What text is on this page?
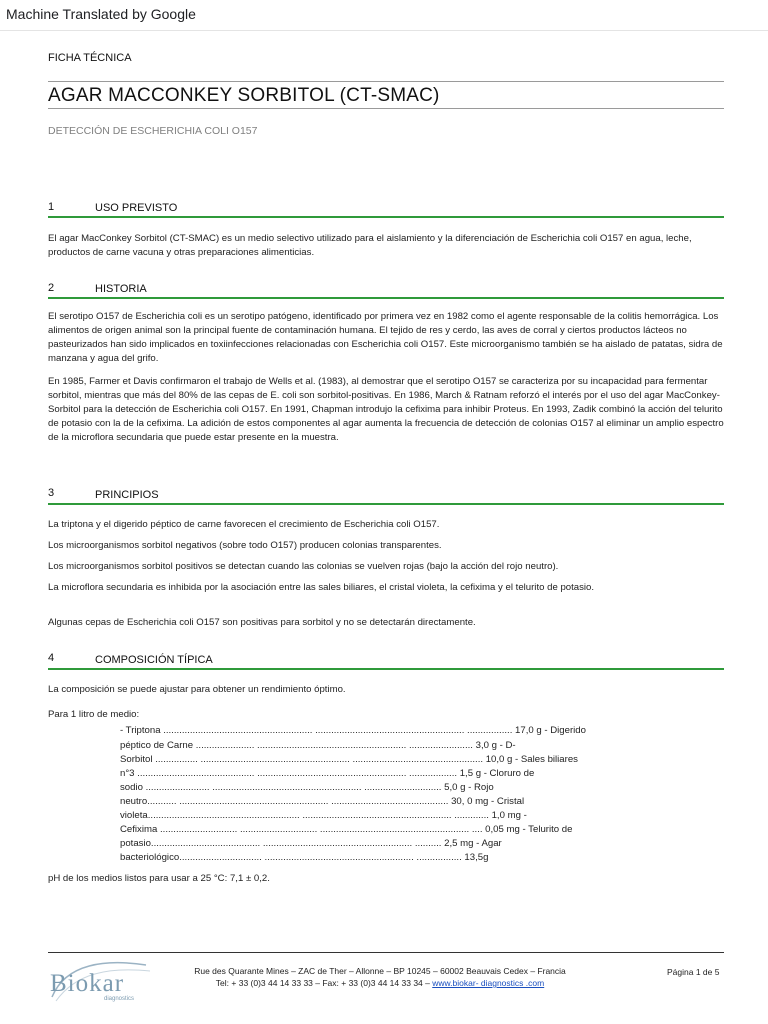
Machine Translated by Google
FICHA TÉCNICA
AGAR MACCONKEY SORBITOL (CT-SMAC)
DETECCIÓN DE ESCHERICHIA COLI O157
1	USO PREVISTO

El agar MacConkey Sorbitol (CT-SMAC) es un medio selectivo utilizado para el aislamiento y la diferenciación de Escherichia coli O157 en agua, leche, productos de carne vacuna y otras preparaciones alimenticias.

2	HISTORIA

El serotipo O157 de Escherichia coli es un serotipo patógeno, identificado por primera vez en 1982 como el agente responsable de la colitis hemorrágica. Los alimentos de origen animal son la principal fuente de contaminación humana. El tejido de res y cerdo, las aves de corral y ciertos productos lácteos no pasteurizados han sido implicados en toxiinfecciones relacionadas con Escherichia coli O157. Este microorganismo también se ha aislado de patatas, sidra de manzana y agua del grifo.

En 1985, Farmer et Davis confirmaron el trabajo de Wells et al. (1983), al demostrar que el serotipo O157 se caracteriza por su incapacidad para fermentar sorbitol, mientras que más del 80% de las cepas de E. coli son sorbitol-positivas. En 1986, March & Ratnam reforzó el interés por el uso del agar MacConkey-Sorbitol para la detección de Escherichia coli O157. En 1991, Chapman introdujo la cefixima para inhibir Proteus. En 1993, Zadik combinó la acción del telurito de potasio con la de la cefixima. La adición de estos componentes al agar aumenta la frecuencia de detección de colonias O157 al eliminar un amplio espectro de la microflora secundaria que puede estar presente en la muestra.

3	PRINCIPIOS
La triptona y el digerido péptico de carne favorecen el crecimiento de Escherichia coli O157.
Los microorganismos sorbitol negativos (sobre todo O157) producen colonias transparentes.
Los microorganismos sorbitol positivos se detectan cuando las colonias se vuelven rojas (bajo la acción del rojo neutro).
La microflora secundaria es inhibida por la asociación entre las sales biliares, el cristal violeta, la cefixima y el telurito de potasio.
Algunas cepas de Escherichia coli O157 son positivas para sorbitol y no se detectarán directamente.
4	COMPOSICIÓN TÍPICA
La composición se puede ajustar para obtener un rendimiento óptimo.
Para 1 litro de medio:
- Triptona ........................................................ ........................................................ ................. 17,0 g - Digerido
péptico de Carne ...................... ........................................................ ........................ 3,0 g - D-
Sorbitol ................ ........................................................ ................................................. 10,0 g - Sales biliares
n°3 ............................................ ........................................................ .................. 1,5 g - Cloruro de
sodio ........................ ........................................................ ............................. 5,0 g - Rojo
neutro........... ........................................................ ............................................ 30, 0 mg - Cristal
violeta......................................................... ........................................................ ............. 1,0 mg -
Cefixima ............................. ............................. ........................................................ .... 0,05 mg - Telurito de
potasio......................................... ........................................................ .......... 2,5 mg - Agar
bacteriológico............................... ........................................................ ................. 13,5g
pH de los medios listos para usar a 25 °C: 7,1 ± 0,2.
Biokar
diagnostics
Rue des Quarante Mines – ZAC de Ther – Allonne – BP 10245 – 60002 Beauvais Cedex – Francia
Tel: + 33 (0)3 44 14 33 33 – Fax: + 33 (0)3 44 14 33 34 – www.biokar- diagnostics .com
Página 1 de 5
